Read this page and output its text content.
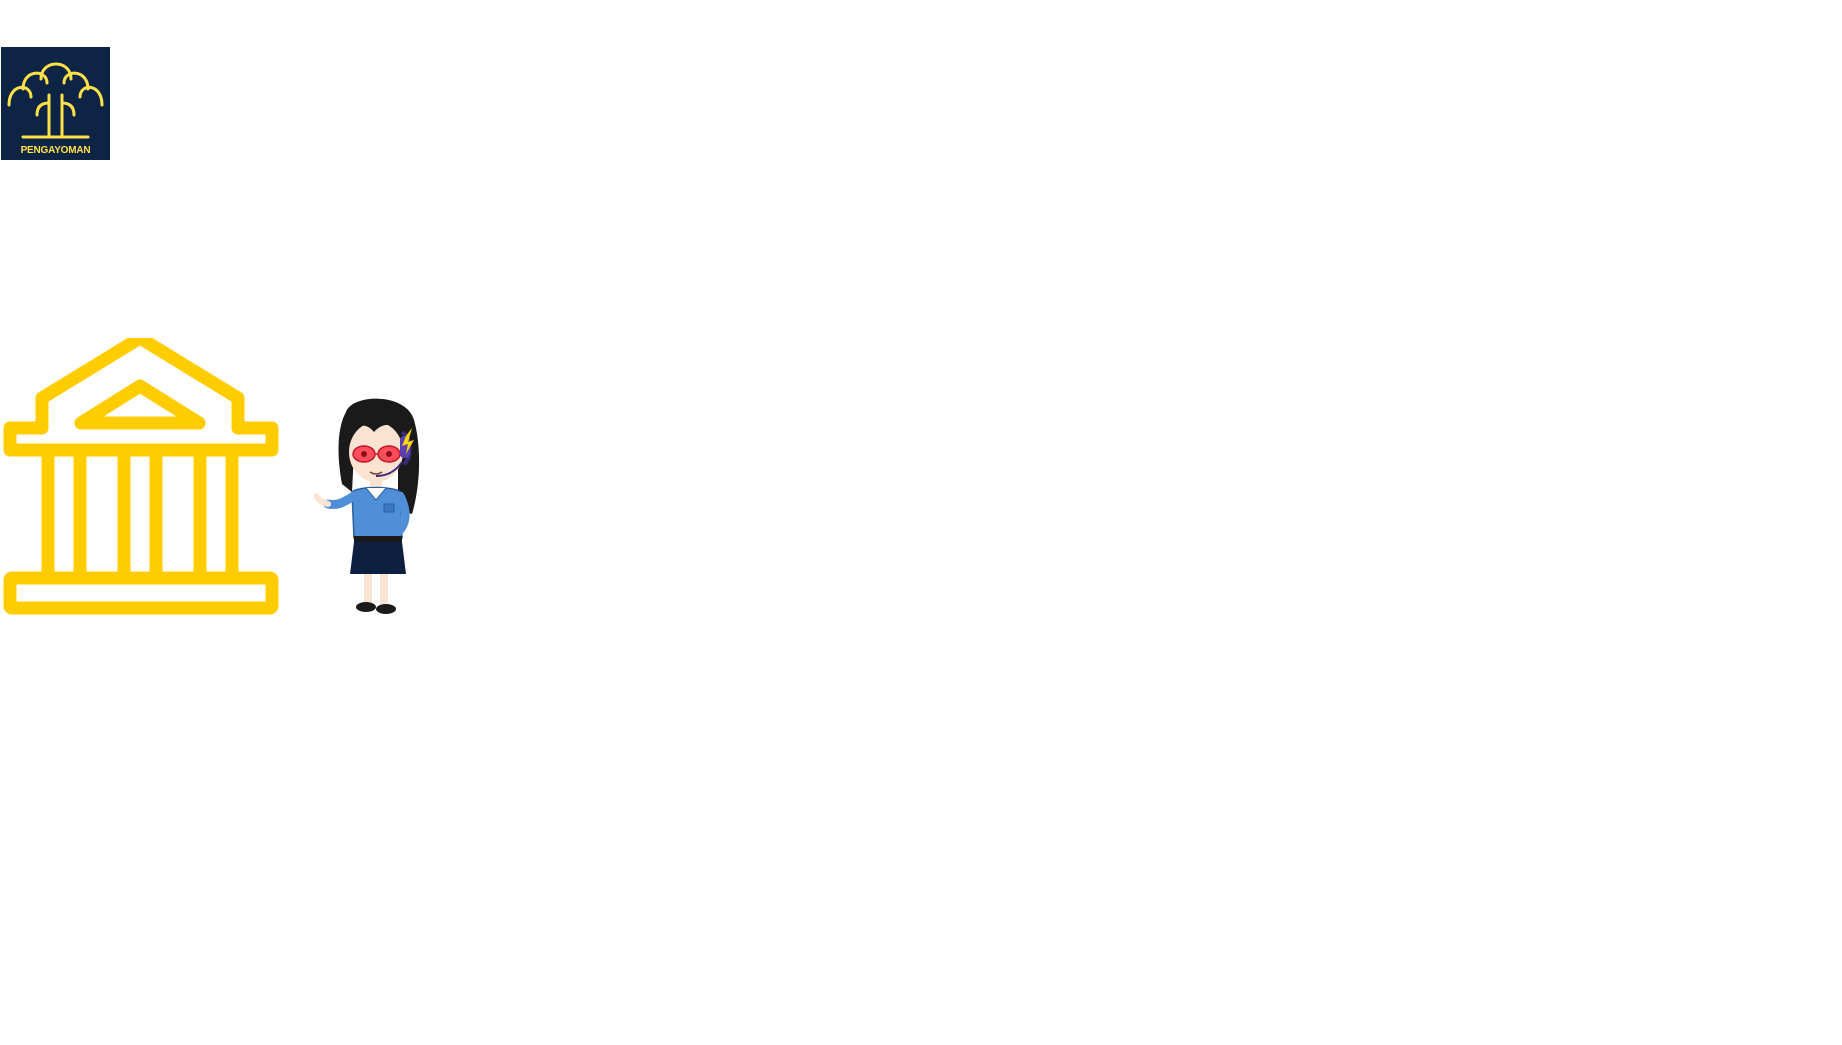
PENGAYOMAN
